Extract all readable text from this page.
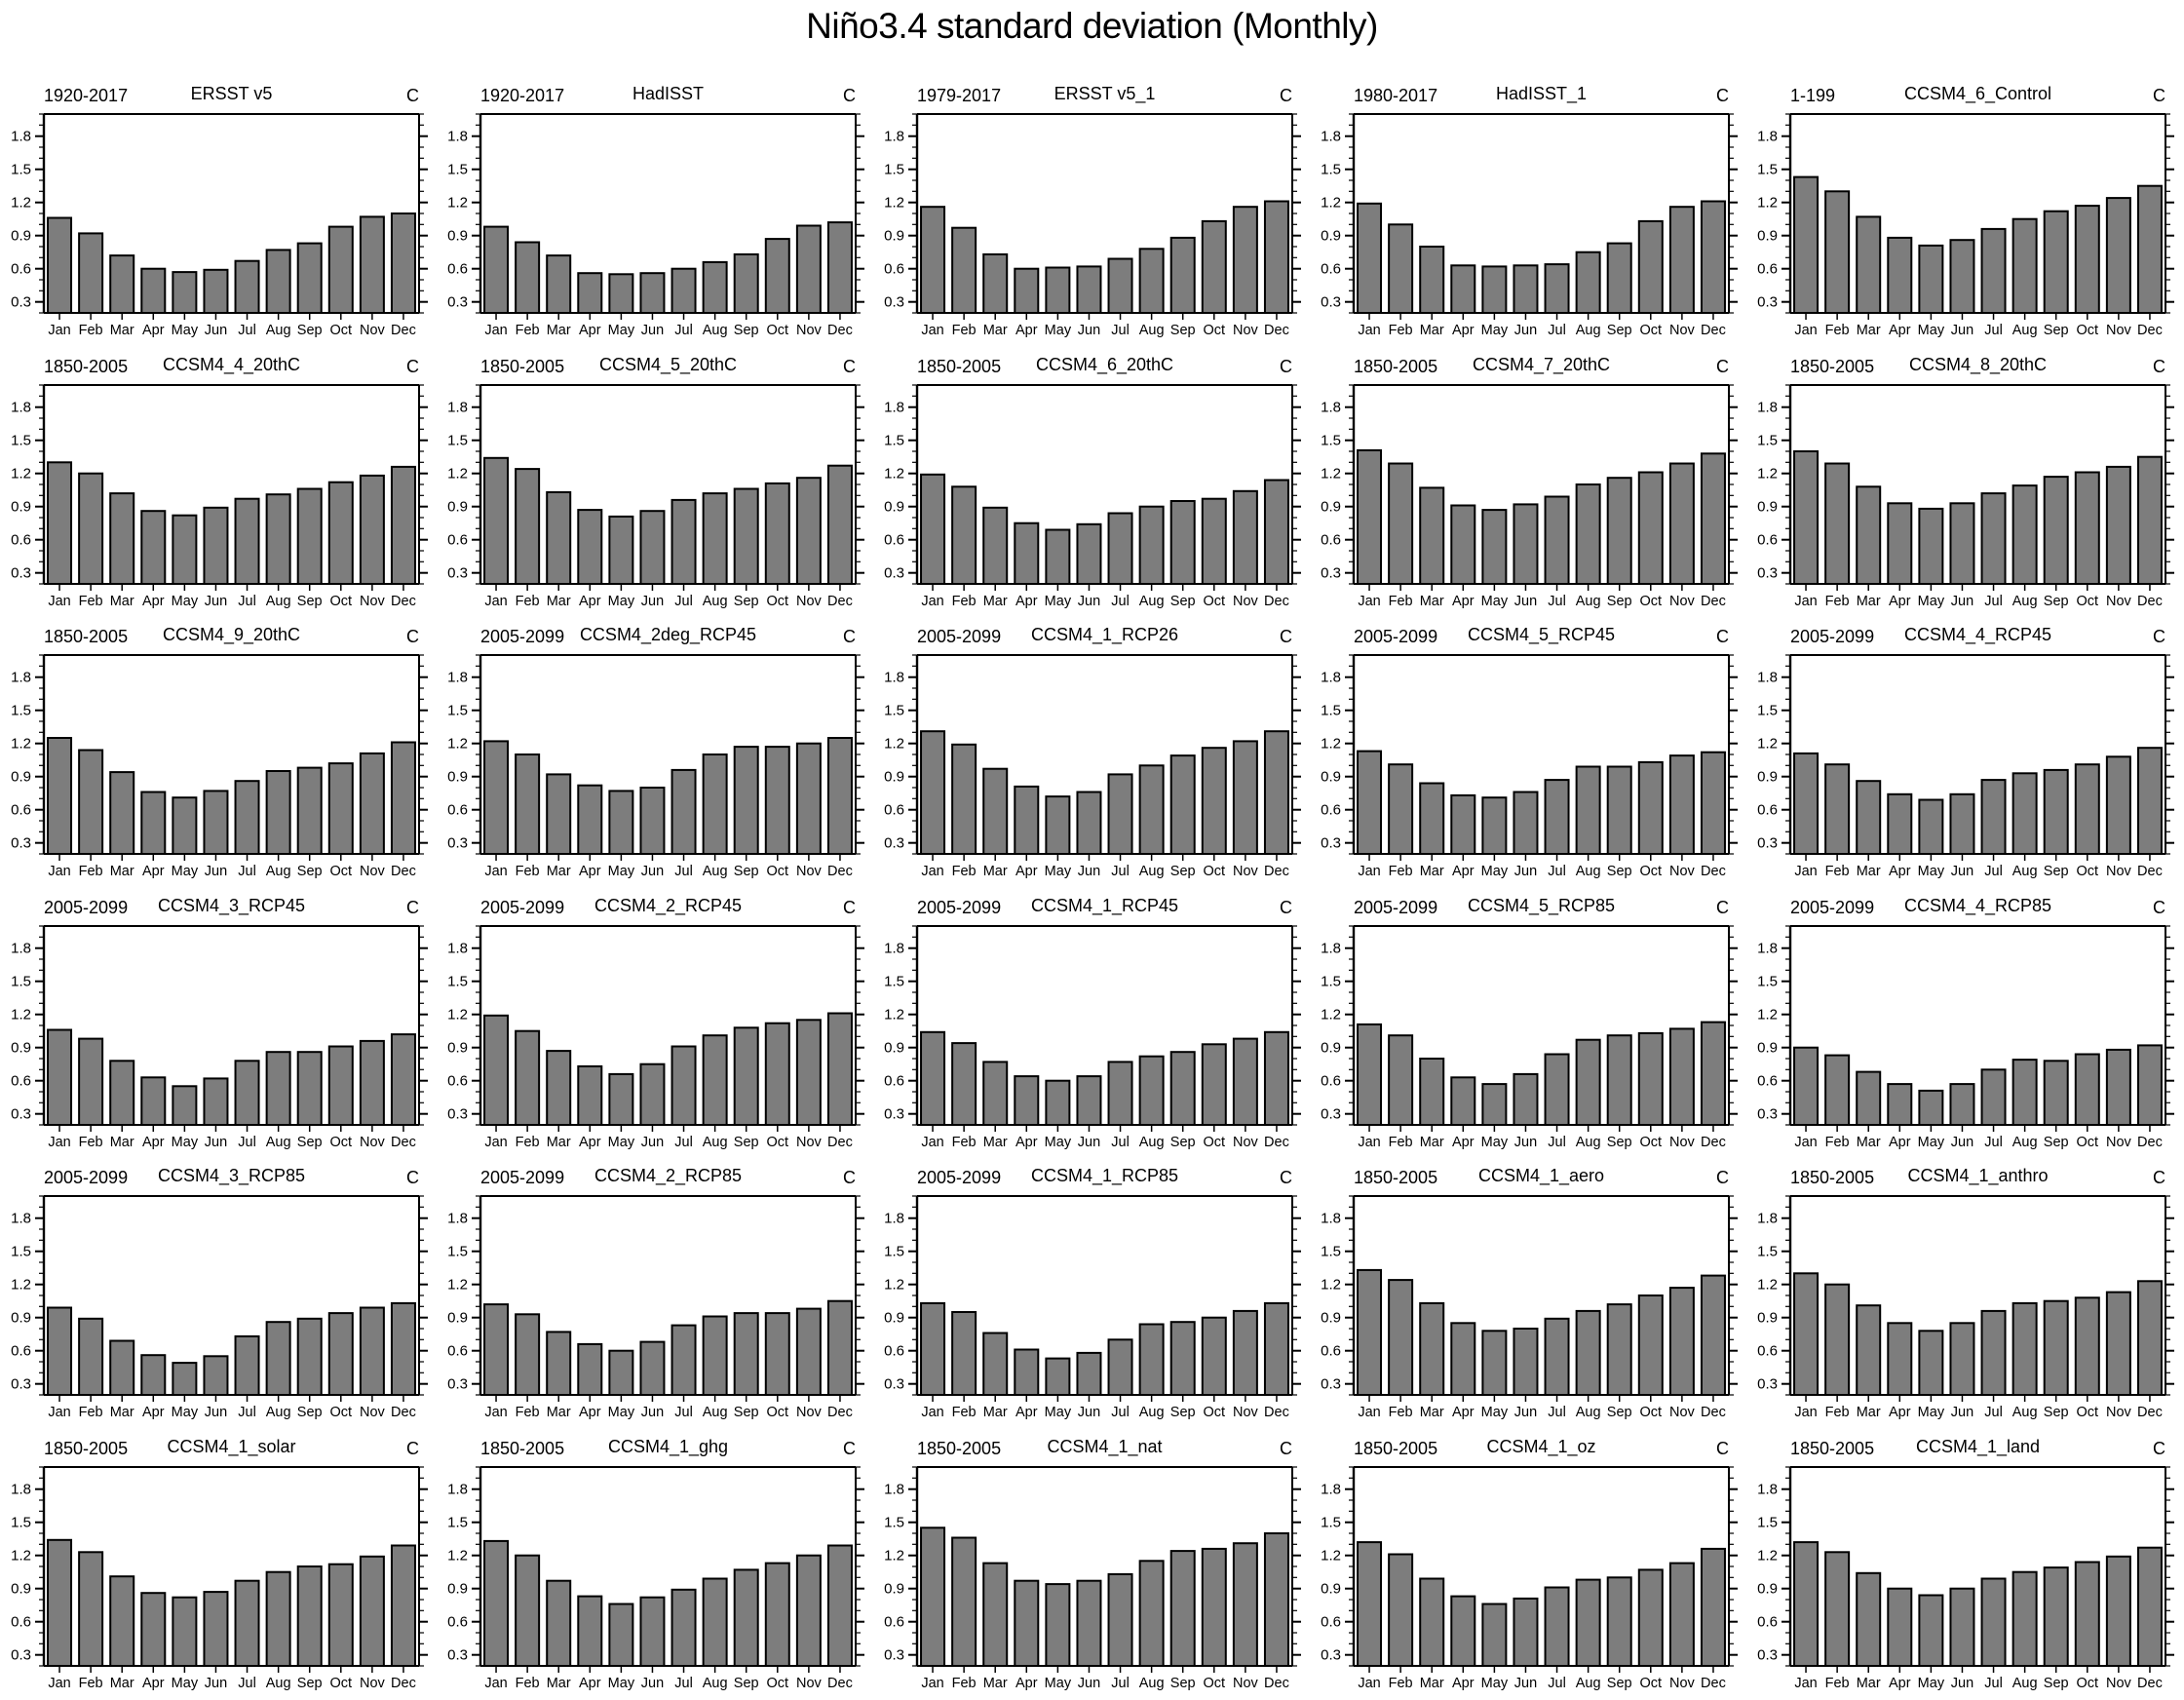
Niño3.4 standard deviation (Monthly)
1920-2017	ERSST v5	C
0.3
0.6
0.9
1.2
1.5
1.8
Jan Feb Mar Apr May Jun Jul Aug Sep Oct Nov Dec
1920-2017	HadISST	C
0.3
0.6
0.9
1.2
1.5
1.8
Jan Feb Mar Apr May Jun Jul Aug Sep Oct Nov Dec
1979-2017	ERSST v5_1	C
0.3
0.6
0.9
1.2
1.5
1.8
Jan Feb Mar Apr May Jun Jul Aug Sep Oct Nov Dec
1980-2017	HadISST_1	C
0.3
0.6
0.9
1.2
1.5
1.8
Jan Feb Mar Apr May Jun Jul Aug Sep Oct Nov Dec
1-199	CCSM4_6_Control	C
0.3
0.6
0.9
1.2
1.5
1.8
Jan Feb Mar Apr May Jun Jul Aug Sep Oct Nov Dec
1850-2005 CCSM4_4_20thC	C
0.3
0.6
0.9
1.2
1.5
1.8
Jan Feb Mar Apr May Jun Jul Aug Sep Oct Nov Dec
1850-2005 CCSM4_5_20thC	C
0.3
0.6
0.9
1.2
1.5
1.8
Jan Feb Mar Apr May Jun Jul Aug Sep Oct Nov Dec
1850-2005 CCSM4_6_20thC	C
0.3
0.6
0.9
1.2
1.5
1.8
Jan Feb Mar Apr May Jun Jul Aug Sep Oct Nov Dec
1850-2005 CCSM4_7_20thC	C
0.3
0.6
0.9
1.2
1.5
1.8
Jan Feb Mar Apr May Jun Jul Aug Sep Oct Nov Dec
1850-2005 CCSM4_8_20thC	C
0.3
0.6
0.9
1.2
1.5
1.8
Jan Feb Mar Apr May Jun Jul Aug Sep Oct Nov Dec
1850-2005 CCSM4_9_20thC	C
0.3
0.6
0.9
1.2
1.5
1.8
Jan Feb Mar Apr May Jun Jul Aug Sep Oct Nov Dec
2005-2099 CCSM4_2deg_RCP45	C
0.3
0.6
0.9
1.2
1.5
1.8
Jan Feb Mar Apr May Jun Jul Aug Sep Oct Nov Dec
2005-2099 CCSM4_1_RCP26	C
0.3
0.6
0.9
1.2
1.5
1.8
Jan Feb Mar Apr May Jun Jul Aug Sep Oct Nov Dec
2005-2099 CCSM4_5_RCP45	C
0.3
0.6
0.9
1.2
1.5
1.8
Jan Feb Mar Apr May Jun Jul Aug Sep Oct Nov Dec
2005-2099 CCSM4_4_RCP45	C
0.3
0.6
0.9
1.2
1.5
1.8
Jan Feb Mar Apr May Jun Jul Aug Sep Oct Nov Dec
2005-2099 CCSM4_3_RCP45	C
0.3
0.6
0.9
1.2
1.5
1.8
Jan Feb Mar Apr May Jun Jul Aug Sep Oct Nov Dec
2005-2099 CCSM4_2_RCP45	C
0.3
0.6
0.9
1.2
1.5
1.8
Jan Feb Mar Apr May Jun Jul Aug Sep Oct Nov Dec
2005-2099 CCSM4_1_RCP45	C
0.3
0.6
0.9
1.2
1.5
1.8
Jan Feb Mar Apr May Jun Jul Aug Sep Oct Nov Dec
2005-2099 CCSM4_5_RCP85	C
0.3
0.6
0.9
1.2
1.5
1.8
Jan Feb Mar Apr May Jun Jul Aug Sep Oct Nov Dec
2005-2099 CCSM4_4_RCP85	C
0.3
0.6
0.9
1.2
1.5
1.8
Jan Feb Mar Apr May Jun Jul Aug Sep Oct Nov Dec
2005-2099 CCSM4_3_RCP85	C
0.3
0.6
0.9
1.2
1.5
1.8
Jan Feb Mar Apr May Jun Jul Aug Sep Oct Nov Dec
2005-2099 CCSM4_2_RCP85	C
0.3
0.6
0.9
1.2
1.5
1.8
Jan Feb Mar Apr May Jun Jul Aug Sep Oct Nov Dec
2005-2099 CCSM4_1_RCP85	C
0.3
0.6
0.9
1.2
1.5
1.8
Jan Feb Mar Apr May Jun Jul Aug Sep Oct Nov Dec
1850-2005 CCSM4_1_aero	C
0.3
0.6
0.9
1.2
1.5
1.8
Jan Feb Mar Apr May Jun Jul Aug Sep Oct Nov Dec
1850-2005 CCSM4_1_anthro	C
0.3
0.6
0.9
1.2
1.5
1.8
Jan Feb Mar Apr May Jun Jul Aug Sep Oct Nov Dec
1850-2005 CCSM4_1_solar	C
0.3
0.6
0.9
1.2
1.5
1.8
Jan Feb Mar Apr May Jun Jul Aug Sep Oct Nov Dec
1850-2005 CCSM4_1_ghg	C
0.3
0.6
0.9
1.2
1.5
1.8
Jan Feb Mar Apr May Jun Jul Aug Sep Oct Nov Dec
1850-2005	CCSM4_1_nat	C
0.3
0.6
0.9
1.2
1.5
1.8
Jan Feb Mar Apr May Jun Jul Aug Sep Oct Nov Dec
1850-2005	CCSM4_1_oz	C
0.3
0.6
0.9
1.2
1.5
1.8
Jan Feb Mar Apr May Jun Jul Aug Sep Oct Nov Dec
1850-2005 CCSM4_1_land	C
0.3
0.6
0.9
1.2
1.5
1.8
Jan Feb Mar Apr May Jun Jul Aug Sep Oct Nov Dec
